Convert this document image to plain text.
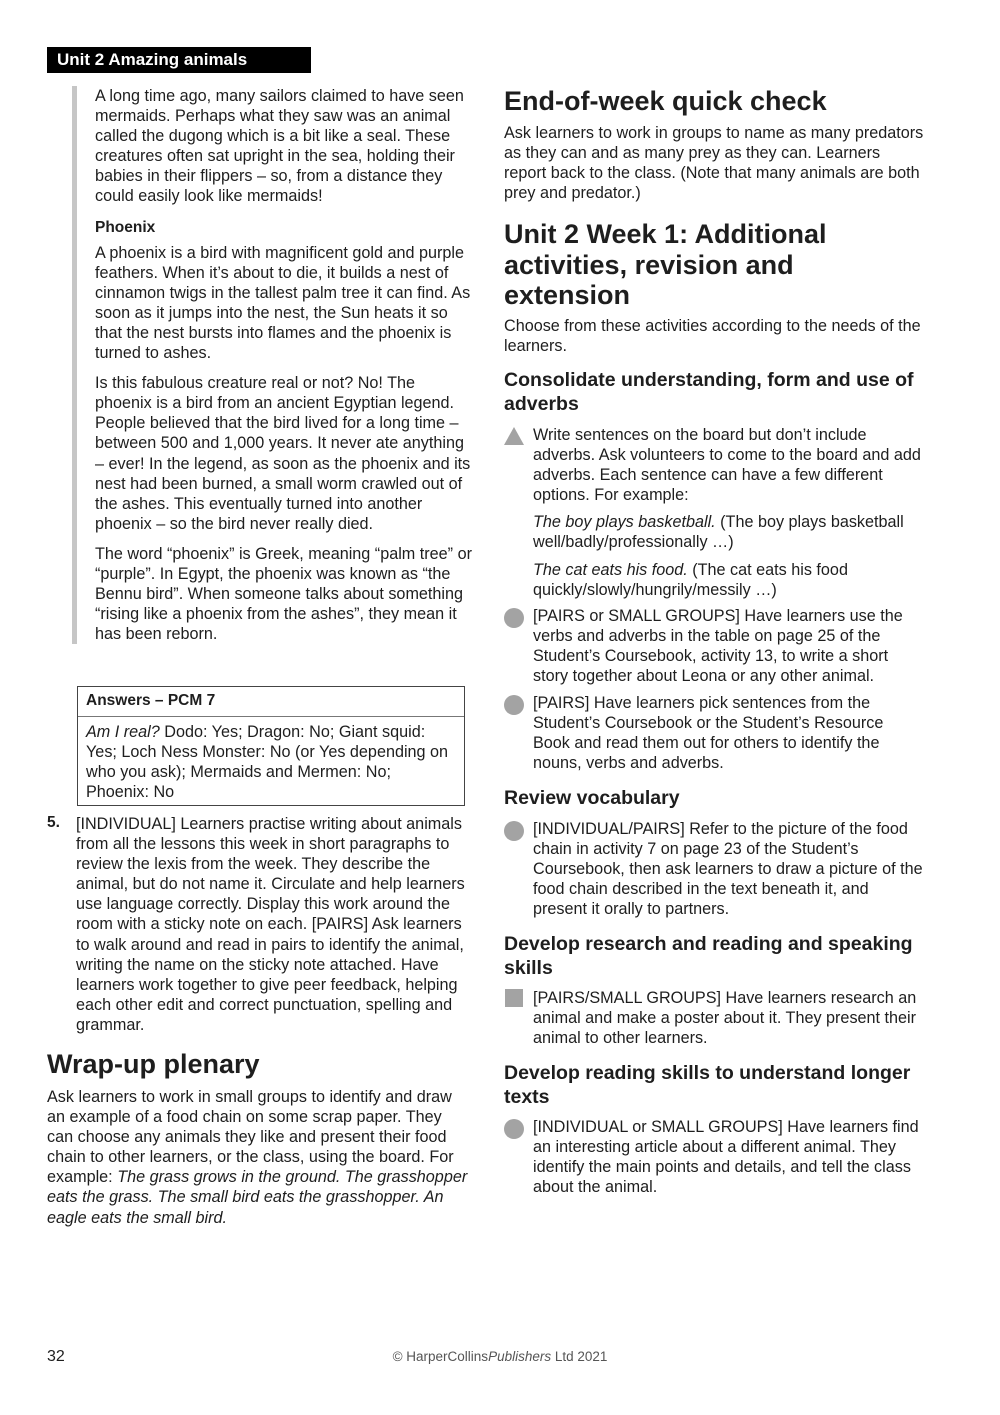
Unit 2 Amazing animals

A long time ago, many sailors claimed to have seen mermaids. Perhaps what they saw was an animal called the dugong which is a bit like a seal. These creatures often sat upright in the sea, holding their babies in their flippers – so, from a distance they could easily look like mermaids!

Phoenix

A phoenix is a bird with magnificent gold and purple feathers. When it’s about to die, it builds a nest of cinnamon twigs in the tallest palm tree it can find. As soon as it jumps into the nest, the Sun heats it so that the nest bursts into flames and the phoenix is turned to ashes.

Is this fabulous creature real or not? No! The phoenix is a bird from an ancient Egyptian legend. People believed that the bird lived for a long time – between 500 and 1,000 years. It never ate anything – ever! In the legend, as soon as the phoenix and its nest had been burned, a small worm crawled out of the ashes. This eventually turned into another phoenix – so the bird never really died.

The word “phoenix” is Greek, meaning “palm tree” or “purple”. In Egypt, the phoenix was known as “the Bennu bird”. When someone talks about something “rising like a phoenix from the ashes”, they mean it has been reborn.

Answers – PCM 7
Am I real? Dodo: Yes; Dragon: No; Giant squid: Yes; Loch Ness Monster: No (or Yes depending on who you ask); Mermaids and Mermen: No; Phoenix: No
5. [INDIVIDUAL] Learners practise writing about animals from all the lessons this week in short paragraphs to review the lexis from the week. They describe the animal, but do not name it. Circulate and help learners use language correctly. Display this work around the room with a sticky note on each. [PAIRS] Ask learners to walk around and read in pairs to identify the animal, writing the name on the sticky note attached. Have learners work together to give peer feedback, helping each other edit and correct punctuation, spelling and grammar.

Wrap-up plenary

Ask learners to work in small groups to identify and draw an example of a food chain on some scrap paper. They can choose any animals they like and present their food chain to other learners, or the class, using the board. For example: The grass grows in the ground. The grasshopper eats the grass. The small bird eats the grasshopper. An eagle eats the small bird.

End-of-week quick check

Ask learners to work in groups to name as many predators as they can and as many prey as they can. Learners report back to the class. (Note that many animals are both prey and predator.)

Unit 2 Week 1: Additional
activities, revision and
extension

Choose from these activities according to the needs of the learners.

Consolidate understanding, form and use of adverbs

Write sentences on the board but don’t include adverbs. Ask volunteers to come to the board and add adverbs. Each sentence can have a few different options. For example:

The boy plays basketball. (The boy plays basketball well/badly/professionally …)

The cat eats his food. (The cat eats his food quickly/slowly/hungrily/messily …)

[PAIRS or SMALL GROUPS] Have learners use the verbs and adverbs in the table on page 25 of the Student’s Coursebook, activity 13, to write a short story together about Leona or any other animal.

[PAIRS] Have learners pick sentences from the Student’s Coursebook or the Student’s Resource Book and read them out for others to identify the nouns, verbs and adverbs.

Review vocabulary

[INDIVIDUAL/PAIRS] Refer to the picture of the food chain in activity 7 on page 23 of the Student’s Coursebook, then ask learners to draw a picture of the food chain described in the text beneath it, and present it orally to partners.

Develop research and reading and speaking skills

[PAIRS/SMALL GROUPS] Have learners research an animal and make a poster about it. They present their animal to other learners.

Develop reading skills to understand longer texts

[INDIVIDUAL or SMALL GROUPS] Have learners find an interesting article about a different animal. They identify the main points and details, and tell the class about the animal.

32	© HarperCollinsPublishers Ltd 2021
